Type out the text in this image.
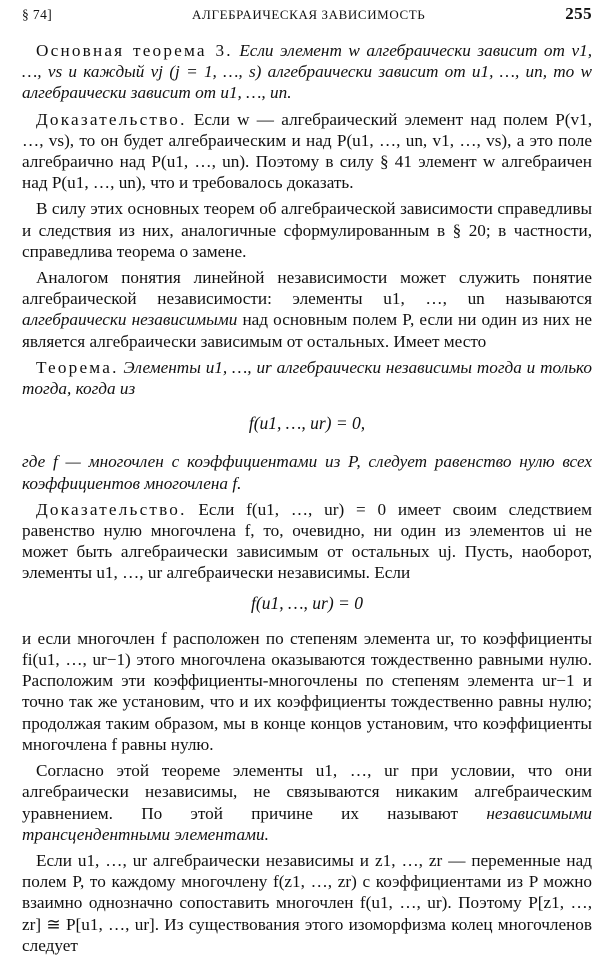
§ 74]	АЛГЕБРАИЧЕСКАЯ ЗАВИСИМОСТЬ	255

Основная теорема 3. Если элемент w алгебраически зависит от v1, …, vs и каждый vj (j = 1, …, s) алгебраически зависит от u1, …, un, то w алгебраически зависит от u1, …, un.

Доказательство. Если w — алгебраический элемент над полем P(v1, …, vs), то он будет алгебраическим и над P(u1, …, un, v1, …, vs), а это поле алгебраично над P(u1, …, un). Поэтому в силу § 41 элемент w алгебраичен над P(u1, …, un), что и требовалось доказать.

В силу этих основных теорем об алгебраической зависимости справедливы и следствия из них, аналогичные сформулированным в § 20; в частности, справедлива теорема о замене.

Аналогом понятия линейной независимости может служить понятие алгебраической независимости: элементы u1, …, un называются алгебраически независимыми над основным полем P, если ни один из них не является алгебраически зависимым от остальных. Имеет место

Теорема. Элементы u1, …, ur алгебраически независимы тогда и только тогда, когда из

f(u1, …, ur) = 0,

где f — многочлен с коэффициентами из P, следует равенство нулю всех коэффициентов многочлена f.

Доказательство. Если f(u1, …, ur) = 0 имеет своим следствием равенство нулю многочлена f, то, очевидно, ни один из элементов ui не может быть алгебраически зависимым от остальных uj. Пусть, наоборот, элементы u1, …, ur алгебраически независимы. Если

f(u1, …, ur) = 0

и если многочлен f расположен по степеням элемента ur, то коэффициенты fi(u1, …, ur−1) этого многочлена оказываются тождественно равными нулю. Расположим эти коэффициенты-многочлены по степеням элемента ur−1 и точно так же установим, что и их коэффициенты тождественно равны нулю; продолжая таким образом, мы в конце концов установим, что коэффициенты многочлена f равны нулю.

Согласно этой теореме элементы u1, …, ur при условии, что они алгебраически независимы, не связываются никаким алгебраическим уравнением. По этой причине их называют независимыми трансцендентными элементами.

Если u1, …, ur алгебраически независимы и z1, …, zr — переменные над полем P, то каждому многочлену f(z1, …, zr) с коэффициентами из P можно взаимно однозначно сопоставить многочлен f(u1, …, ur). Поэтому P[z1, …, zr] ≅ P[u1, …, ur]. Из существования этого изоморфизма колец многочленов следует
